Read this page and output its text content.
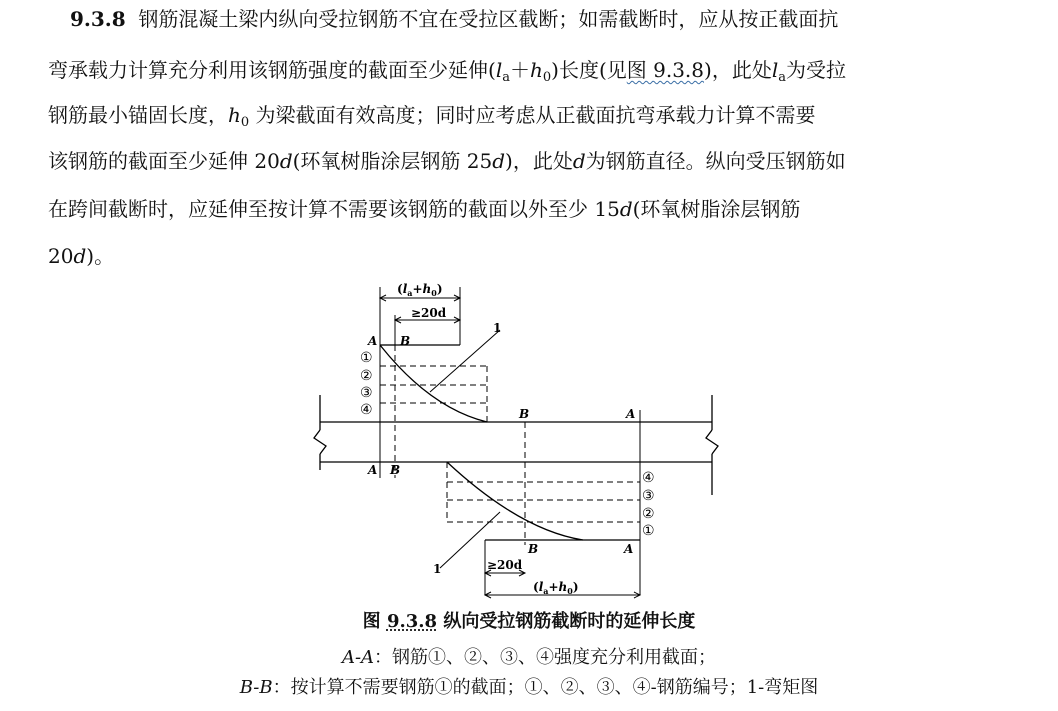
9.3.8 钢筋混凝土梁内纵向受拉钢筋不宜在受拉区截断；如需截断时，应从按正截面抗
弯承载力计算充分利用该钢筋强度的截面至少延伸$(l_a+h_0)$长度(见图 9.3.8)，此处$l_a$为受拉
钢筋最小锚固长度，$h_0$ 为梁截面有效高度；同时应考虑从正截面抗弯承载力计算不需要
该钢筋的截面至少延伸 20d(环氧树脂涂层钢筋 25d)，此处d为钢筋直径。纵向受压钢筋如
在跨间截断时，应延伸至按计算不需要该钢筋的截面以外至少 15d(环氧树脂涂层钢筋
20d)。
$(l_a+h_0)$
≥20d
1
A B
①
②
③
④	B	A
A B	④
③
②
①
B	A
1	≥20d
$(l_a+h_0)$
图 9.3.8 纵向受拉钢筋截断时的延伸长度
A-A：钢筋①、②、③、④强度充分利用截面；
B-B：按计算不需要钢筋①的截面；①、②、③、④-钢筋编号；1-弯矩图
